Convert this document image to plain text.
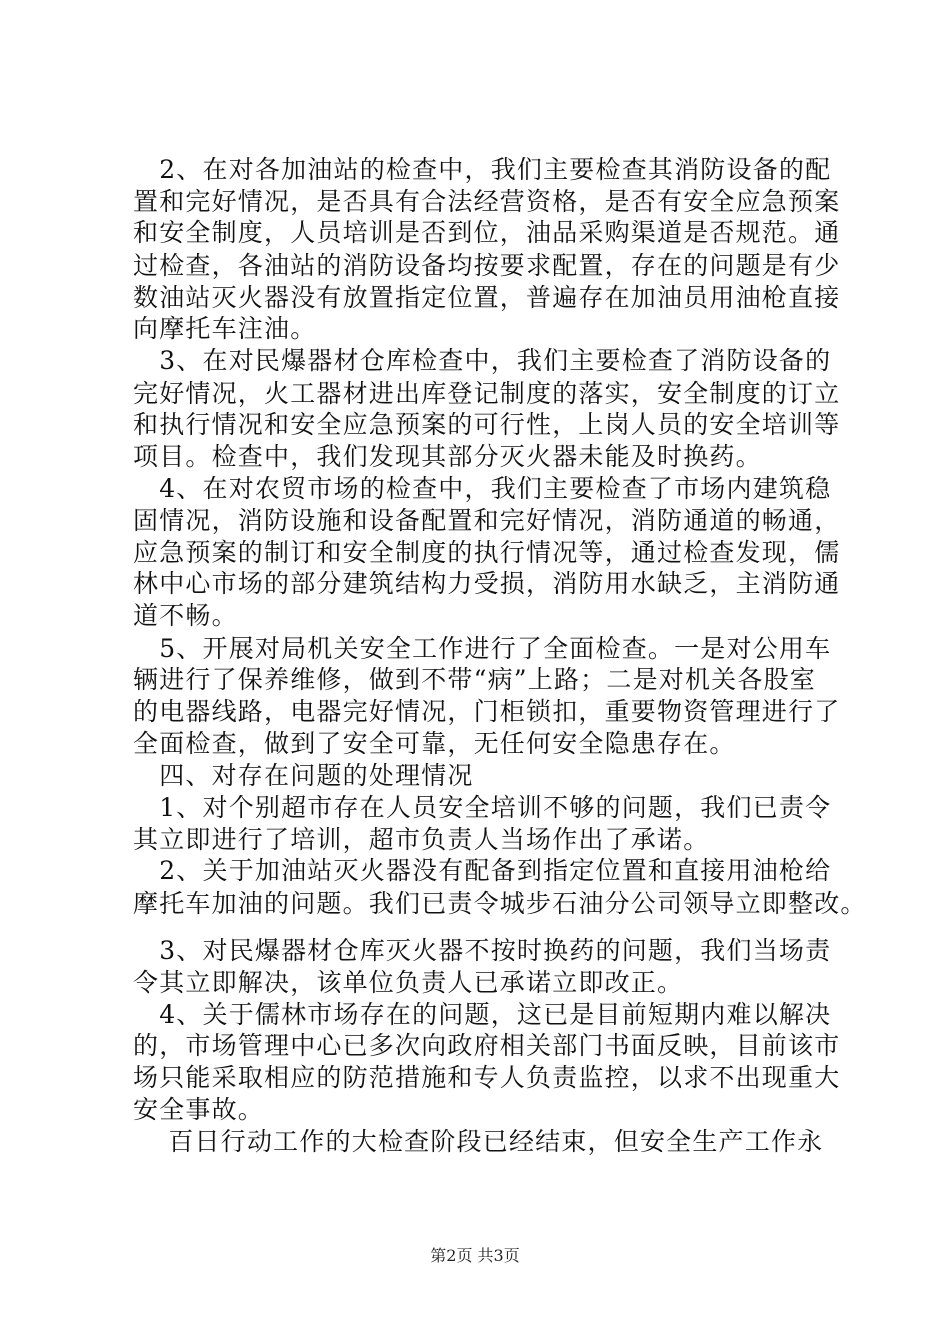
　2、在对各加油站的检查中，我们主要检查其消防设备的配
置和完好情况，是否具有合法经营资格，是否有安全应急预案
和安全制度，人员培训是否到位，油品采购渠道是否规范。通
过检查，各油站的消防设备均按要求配置，存在的问题是有少
数油站灭火器没有放置指定位置，普遍存在加油员用油枪直接
向摩托车注油。
　3、在对民爆器材仓库检查中，我们主要检查了消防设备的
完好情况，火工器材进出库登记制度的落实，安全制度的订立
和执行情况和安全应急预案的可行性，上岗人员的安全培训等
项目。检查中，我们发现其部分灭火器未能及时换药。
　4、在对农贸市场的检查中，我们主要检查了市场内建筑稳
固情况，消防设施和设备配置和完好情况，消防通道的畅通，
应急预案的制订和安全制度的执行情况等，通过检查发现，儒
林中心市场的部分建筑结构力受损，消防用水缺乏，主消防通
道不畅。
　5、开展对局机关安全工作进行了全面检查。一是对公用车
辆进行了保养维修，做到不带“病”上路；二是对机关各股室
的电器线路，电器完好情况，门柜锁扣，重要物资管理进行了
全面检查，做到了安全可靠，无任何安全隐患存在。
　四、对存在问题的处理情况
　1、对个别超市存在人员安全培训不够的问题，我们已责令
其立即进行了培训，超市负责人当场作出了承诺。
　2、关于加油站灭火器没有配备到指定位置和直接用油枪给
摩托车加油的问题。我们已责令城步石油分公司领导立即整改。
　3、对民爆器材仓库灭火器不按时换药的问题，我们当场责
令其立即解决，该单位负责人已承诺立即改正。
　4、关于儒林市场存在的问题，这已是目前短期内难以解决
的，市场管理中心已多次向政府相关部门书面反映，目前该市
场只能采取相应的防范措施和专人负责监控，以求不出现重大
安全事故。
　 百日行动工作的大检查阶段已经结束，但安全生产工作永
第2页 共3页
